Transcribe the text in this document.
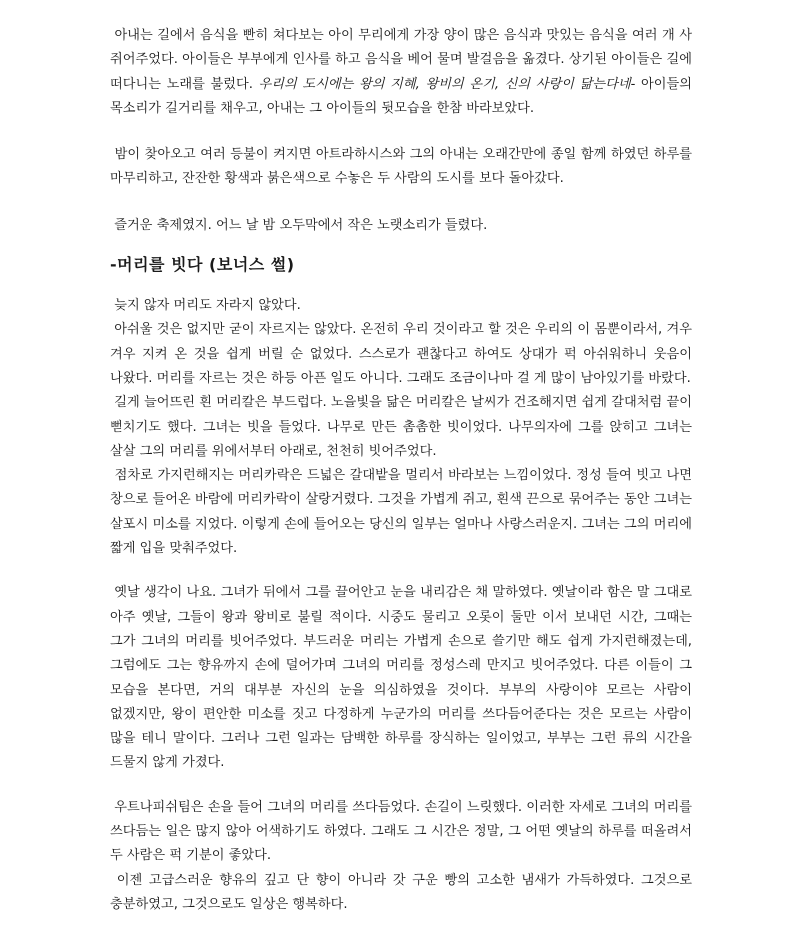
아내는 길에서 음식을 빤히 쳐다보는 아이 무리에게 가장 양이 많은 음식과 맛있는 음식을 여러 개 사 쥐어주었다. 아이들은 부부에게 인사를 하고 음식을 베어 물며 발걸음을 옮겼다. 상기된 아이들은 길에 떠다니는 노래를 불렀다. 우리의 도시에는 왕의 지혜, 왕비의 온기, 신의 사랑이 닮는다네- 아이들의 목소리가 길거리를 채우고, 아내는 그 아이들의 뒷모습을 한참 바라보았다.

밤이 찾아오고 여러 등불이 켜지면 아트라하시스와 그의 아내는 오래간만에 종일 함께 하였던 하루를 마무리하고, 잔잔한 황색과 붉은색으로 수놓은 두 사람의 도시를 보다 돌아갔다.

즐거운 축제였지. 어느 날 밤 오두막에서 작은 노랫소리가 들렸다.

-머리를 빗다 (보너스 썰)

늦지 않자 머리도 자라지 않았다.

아쉬울 것은 없지만 굳이 자르지는 않았다. 온전히 우리 것이라고 할 것은 우리의 이 몸뿐이라서, 겨우 겨우 지켜 온 것을 쉽게 버릴 순 없었다. 스스로가 괜찮다고 하여도 상대가 퍽 아쉬워하니 웃음이 나왔다. 머리를 자르는 것은 하등 아픈 일도 아니다. 그래도 조금이나마 걸 게 많이 남아있기를 바랐다.

길게 늘어뜨린 흰 머리칼은 부드럽다. 노을빛을 닮은 머리칼은 날씨가 건조해지면 쉽게 갈대처럼 끝이 뻗치기도 했다. 그녀는 빗을 들었다. 나무로 만든 촘촘한 빗이었다. 나무의자에 그를 앉히고 그녀는 살살 그의 머리를 위에서부터 아래로, 천천히 빗어주었다.

점차로 가지런해지는 머리카락은 드넓은 갈대밭을 멀리서 바라보는 느낌이었다. 정성 들여 빗고 나면 창으로 들어온 바람에 머리카락이 살랑거렸다. 그것을 가볍게 쥐고, 흰색 끈으로 묶어주는 동안 그녀는 살포시 미소를 지었다. 이렇게 손에 들어오는 당신의 일부는 얼마나 사랑스러운지. 그녀는 그의 머리에 짧게 입을 맞춰주었다.

옛날 생각이 나요. 그녀가 뒤에서 그를 끌어안고 눈을 내리감은 채 말하였다. 옛날이라 함은 말 그대로 아주 옛날, 그들이 왕과 왕비로 불릴 적이다. 시중도 물리고 오롯이 둘만 이서 보내던 시간, 그때는 그가 그녀의 머리를 빗어주었다. 부드러운 머리는 가볍게 손으로 쓸기만 해도 쉽게 가지런해졌는데, 그럼에도 그는 향유까지 손에 덜어가며 그녀의 머리를 정성스레 만지고 빗어주었다. 다른 이들이 그 모습을 본다면, 거의 대부분 자신의 눈을 의심하였을 것이다. 부부의 사랑이야 모르는 사람이 없겠지만, 왕이 편안한 미소를 짓고 다정하게 누군가의 머리를 쓰다듬어준다는 것은 모르는 사람이 많을 테니 말이다. 그러나 그런 일과는 담백한 하루를 장식하는 일이었고, 부부는 그런 류의 시간을 드물지 않게 가졌다.

우트나피쉬팀은 손을 들어 그녀의 머리를 쓰다듬었다. 손길이 느릿했다. 이러한 자세로 그녀의 머리를 쓰다듬는 일은 많지 않아 어색하기도 하였다. 그래도 그 시간은 정말, 그 어떤 옛날의 하루를 떠올려서 두 사람은 퍽 기분이 좋았다.

이젠 고급스러운 향유의 깊고 단 향이 아니라 갓 구운 빵의 고소한 냄새가 가득하였다. 그것으로 충분하였고, 그것으로도 일상은 행복하다.
